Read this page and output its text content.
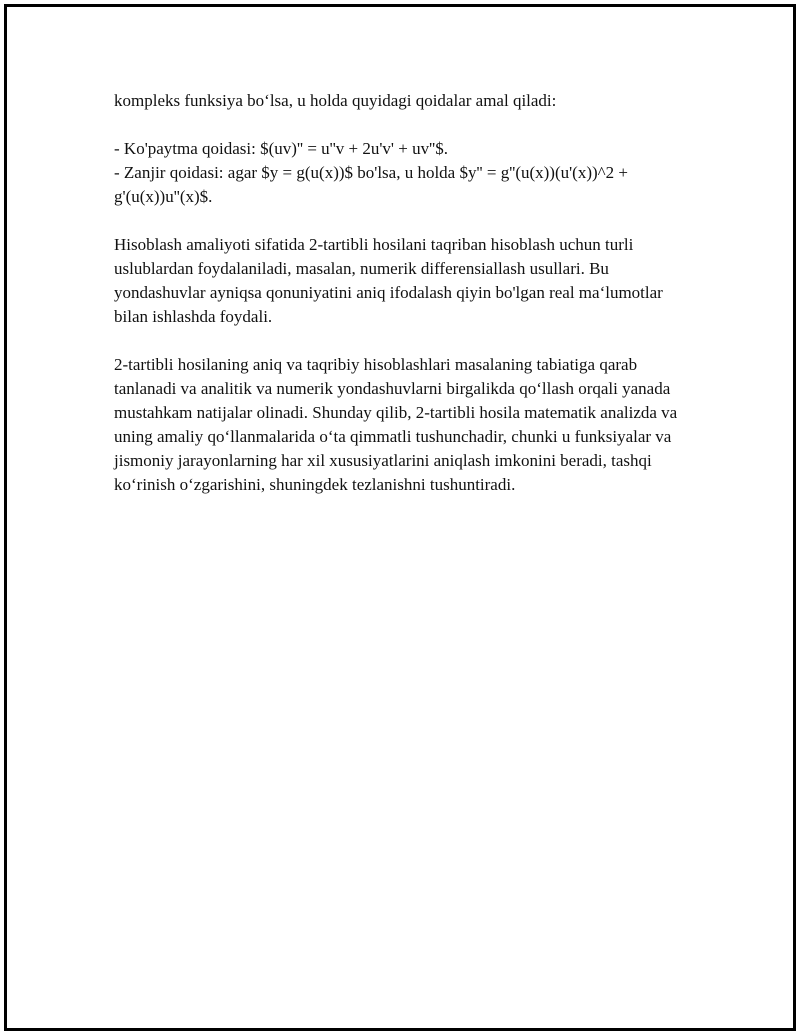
kompleks funksiya bo‘lsa, u holda quyidagi qoidalar amal qiladi:

- Ko'paytma qoidasi: $(uv)'' = u''v + 2u'v' + uv''$.

- Zanjir qoidasi: agar $y = g(u(x))$ bo'lsa, u holda $y'' = g''(u(x))(u'(x))^2 + g'(u(x))u''(x)$.

Hisoblash amaliyoti sifatida 2-tartibli hosilani taqriban hisoblash uchun turli uslublardan foydalaniladi, masalan, numerik differensiallash usullari. Bu yondashuvlar ayniqsa qonuniyatini aniq ifodalash qiyin bo'lgan real ma‘lumotlar bilan ishlashda foydali.

2-tartibli hosilaning aniq va taqribiy hisoblashlari masalaning tabiatiga qarab tanlanadi va analitik va numerik yondashuvlarni birgalikda qo‘llash orqali yanada mustahkam natijalar olinadi. Shunday qilib, 2-tartibli hosila matematik analizda va uning amaliy qo‘llanmalarida o‘ta qimmatli tushunchadir, chunki u funksiyalar va jismoniy jarayonlarning har xil xususiyatlarini aniqlash imkonini beradi, tashqi ko‘rinish o‘zgarishini, shuningdek tezlanishni tushuntiradi.
